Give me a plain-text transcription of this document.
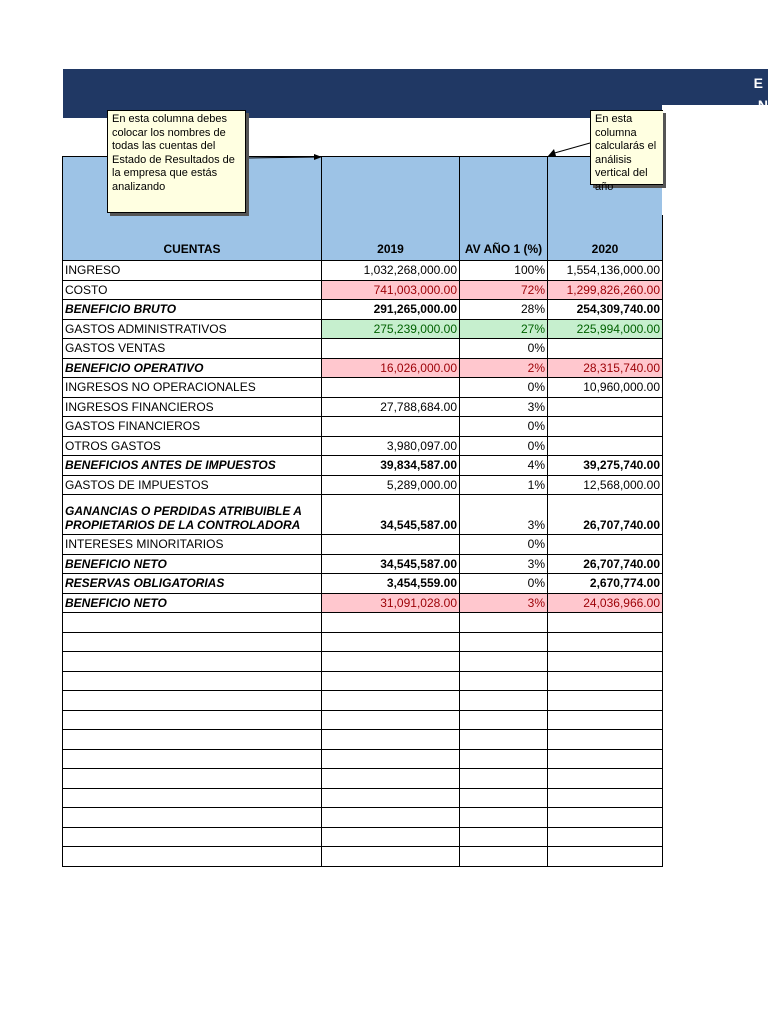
E
CUENTAS	2019	AV AÑO 1 (%)	2020
INGRESO	1,032,268,000.00	100%	1,554,136,000.00
COSTO	741,003,000.00	72%	1,299,826,260.00
BENEFICIO BRUTO	291,265,000.00	28%	254,309,740.00
GASTOS ADMINISTRATIVOS	275,239,000.00	27%	225,994,000.00
GASTOS VENTAS		0%	
BENEFICIO OPERATIVO	16,026,000.00	2%	28,315,740.00
INGRESOS NO OPERACIONALES		0%	10,960,000.00
INGRESOS FINANCIEROS	27,788,684.00	3%	
GASTOS FINANCIEROS		0%	
OTROS GASTOS	3,980,097.00	0%	
BENEFICIOS ANTES DE IMPUESTOS	39,834,587.00	4%	39,275,740.00
GASTOS DE IMPUESTOS	5,289,000.00	1%	12,568,000.00
GANANCIAS O PERDIDAS ATRIBUIBLE A PROPIETARIOS DE LA CONTROLADORA	34,545,587.00	3%	26,707,740.00
INTERESES MINORITARIOS		0%	
BENEFICIO NETO	34,545,587.00	3%	26,707,740.00
RESERVAS OBLIGATORIAS	3,454,559.00	0%	2,670,774.00
BENEFICIO NETO	31,091,028.00	3%	24,036,966.00

En esta columna debes colocar los nombres de todas las cuentas del Estado de Resultados de la empresa que estás analizando
En esta columna calcularás el análisis vertical del año
